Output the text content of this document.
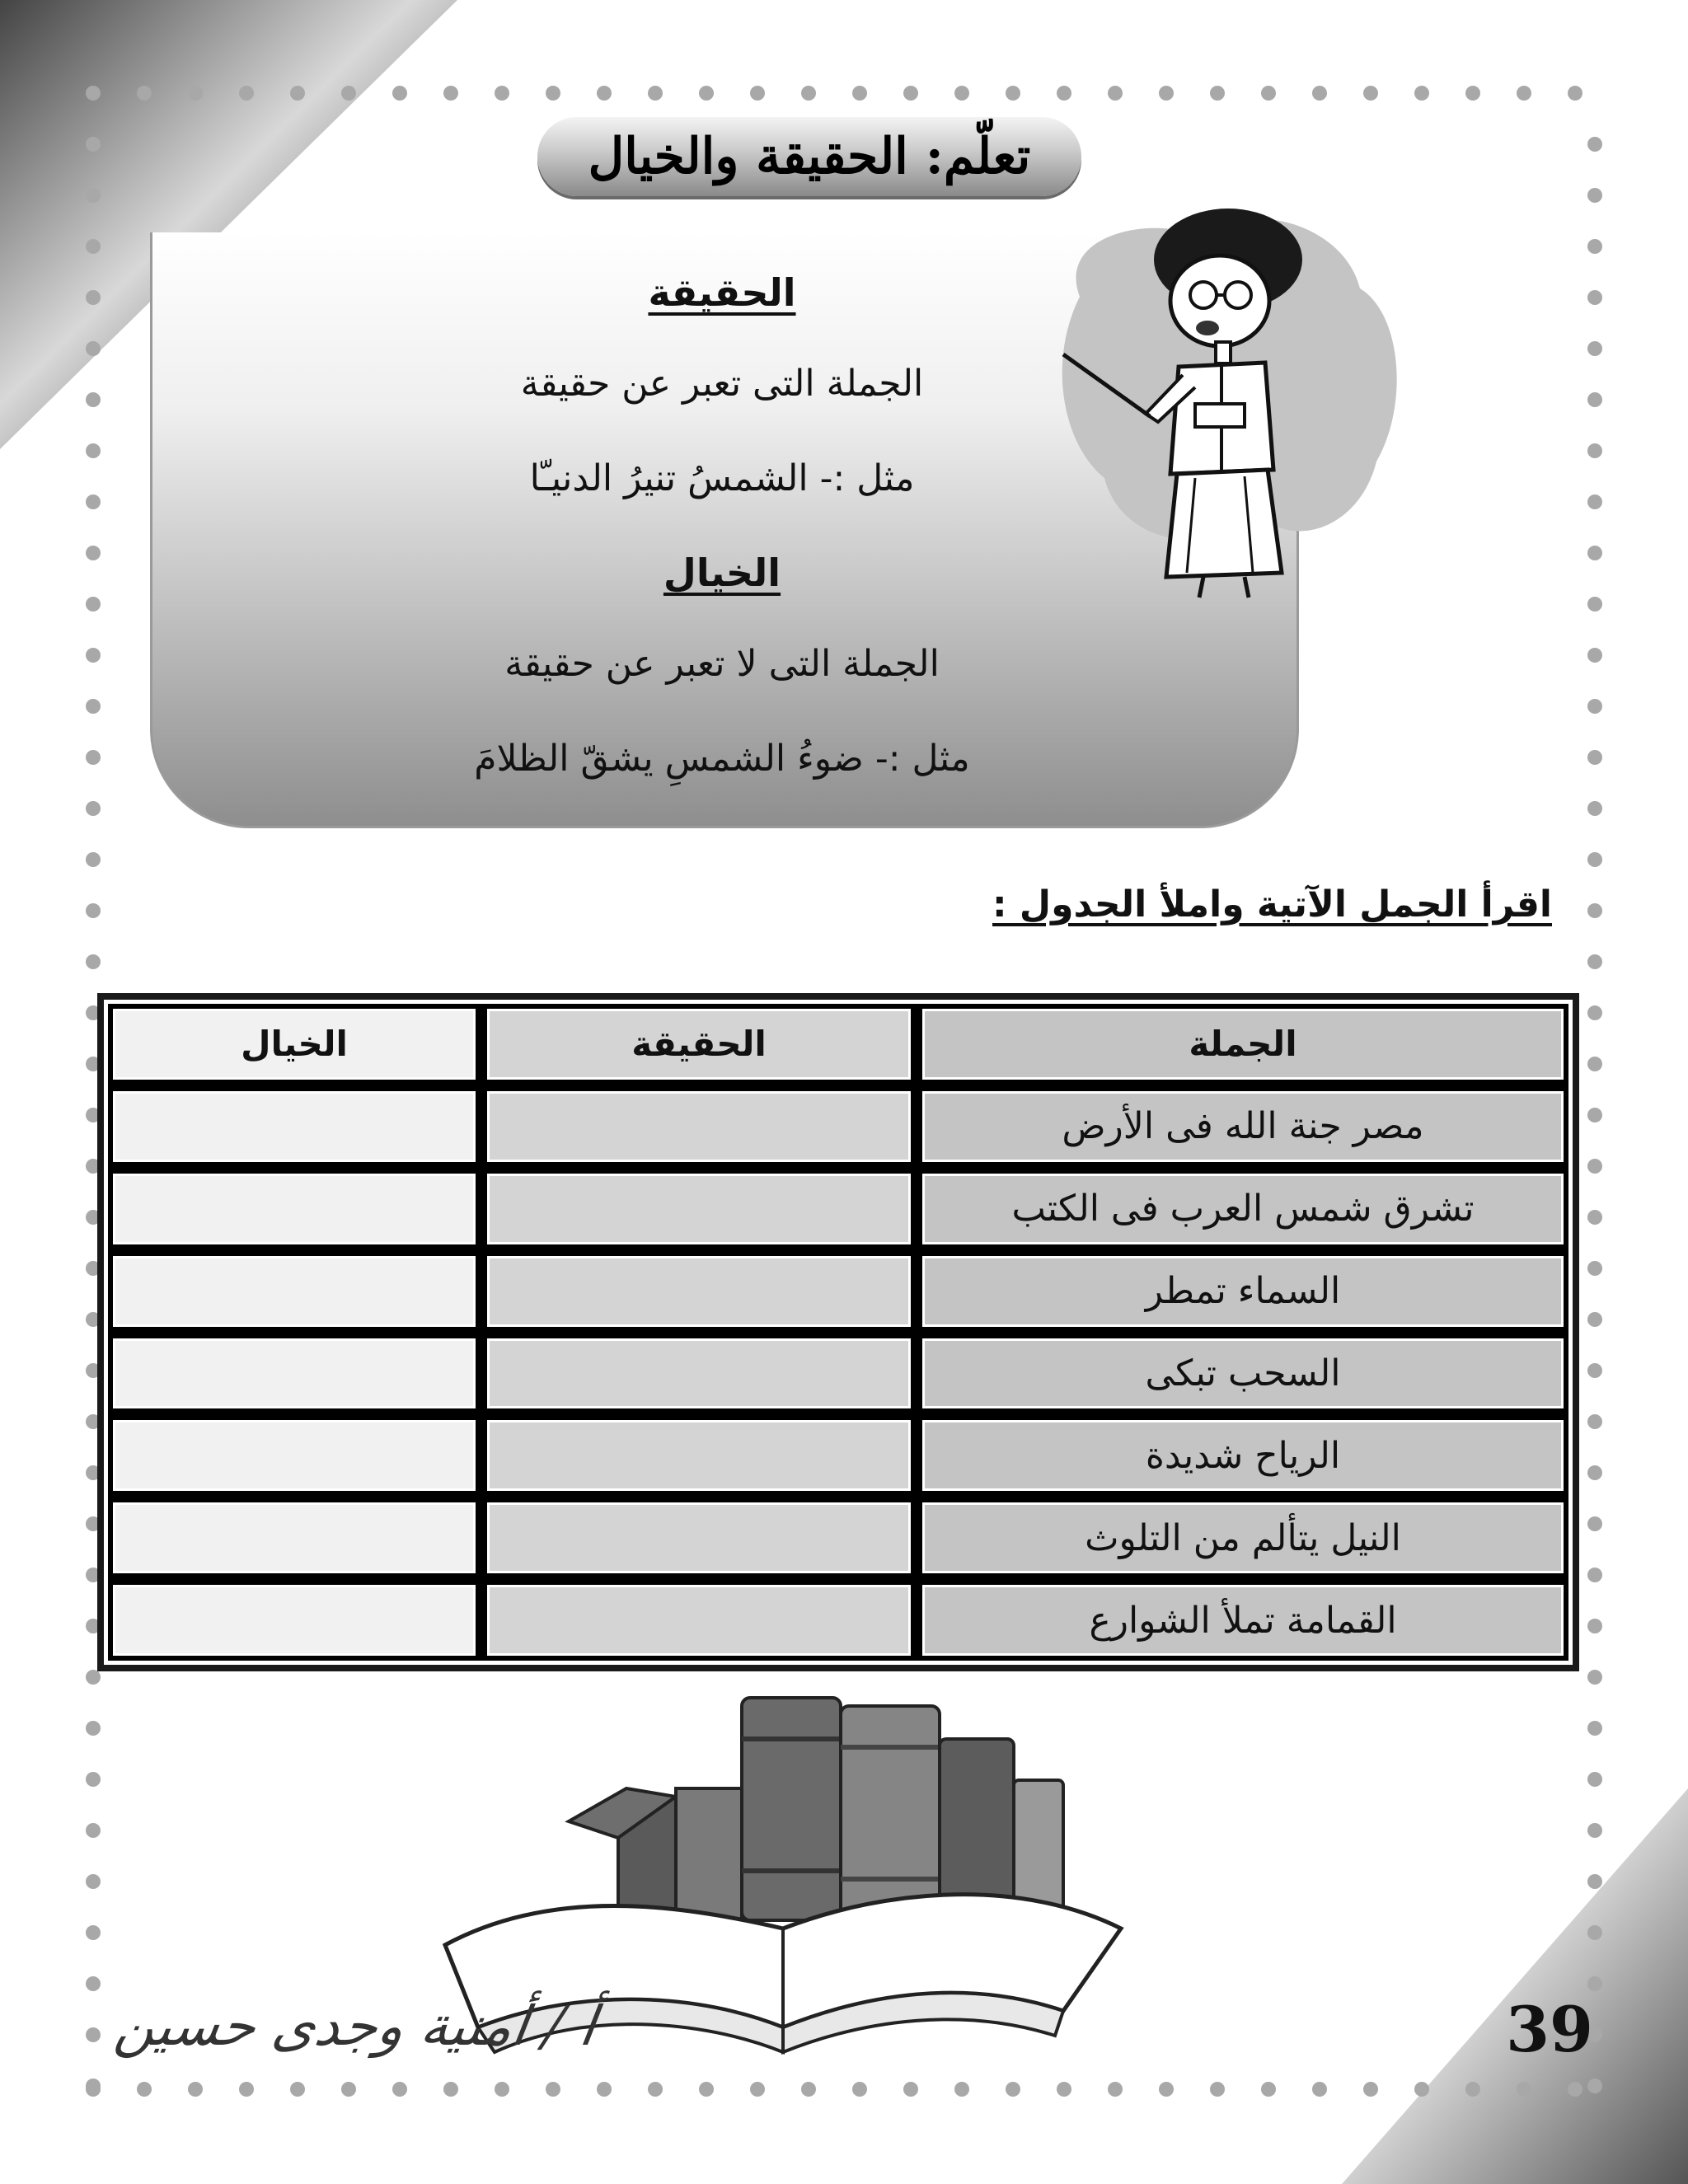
تعلّم: الحقيقة والخيال
الحقيقة
الجملة التى تعبر عن حقيقة
مثل :- الشمسُ تنيرُ الدنيـّا
الخيال
الجملة التى لا تعبر عن حقيقة
مثل :- ضوءُ الشمسِ يشقّ الظلامَ
اقرأ الجمل الآتية واملأ الجدول :
الخيال	الحقيقة	الجملة
مصر جنة الله فى الأرض
تشرق شمس العرب فى الكتب
السماء تمطر
السحب تبكى
الرياح شديدة
النيل يتألم من التلوث
القمامة تملأ الشوارع
أ / أمنية وجدى حسين	39
